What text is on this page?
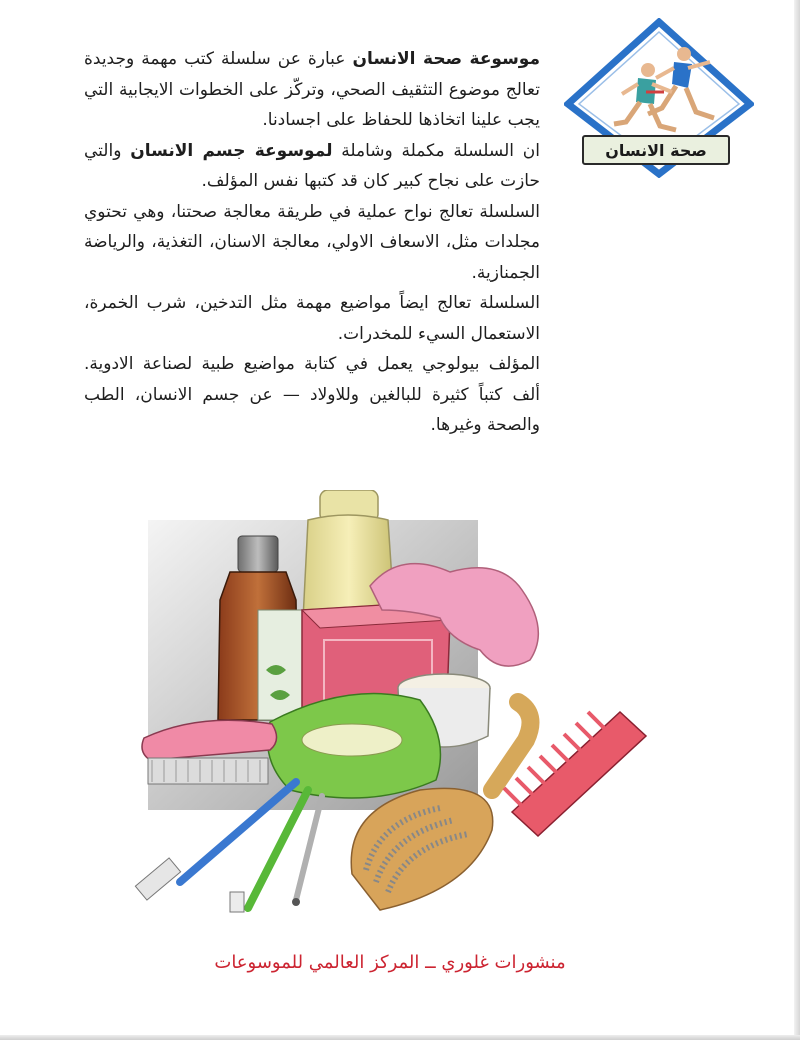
صحة الانسان

موسوعة صحة الانسان عبارة عن سلسلة كتب مهمة وجديدة تعالج موضوع التثقيف الصحي، وتركّز على الخطوات الايجابية التي يجب علينا اتخاذها للحفاظ على اجسادنا.

ان السلسلة مكملة وشاملة لموسوعة جسم الانسان والتي حازت على نجاح كبير كان قد كتبها نفس المؤلف.

السلسلة تعالج نواح عملية في طريقة معالجة صحتنا، وهي تحتوي مجلدات مثل، الاسعاف الاولي، معالجة الاسنان، التغذية، والرياضة الجمنازية.

السلسلة تعالج ايضاً مواضيع مهمة مثل التدخين، شرب الخمرة، الاستعمال السيء للمخدرات.

المؤلف بيولوجي يعمل في كتابة مواضيع طبية لصناعة الادوية. ألف كتباً كثيرة للبالغين وللاولاد — عن جسم الانسان، الطب والصحة وغيرها.

منشورات غلوري ــ المركز العالمي للموسوعات
